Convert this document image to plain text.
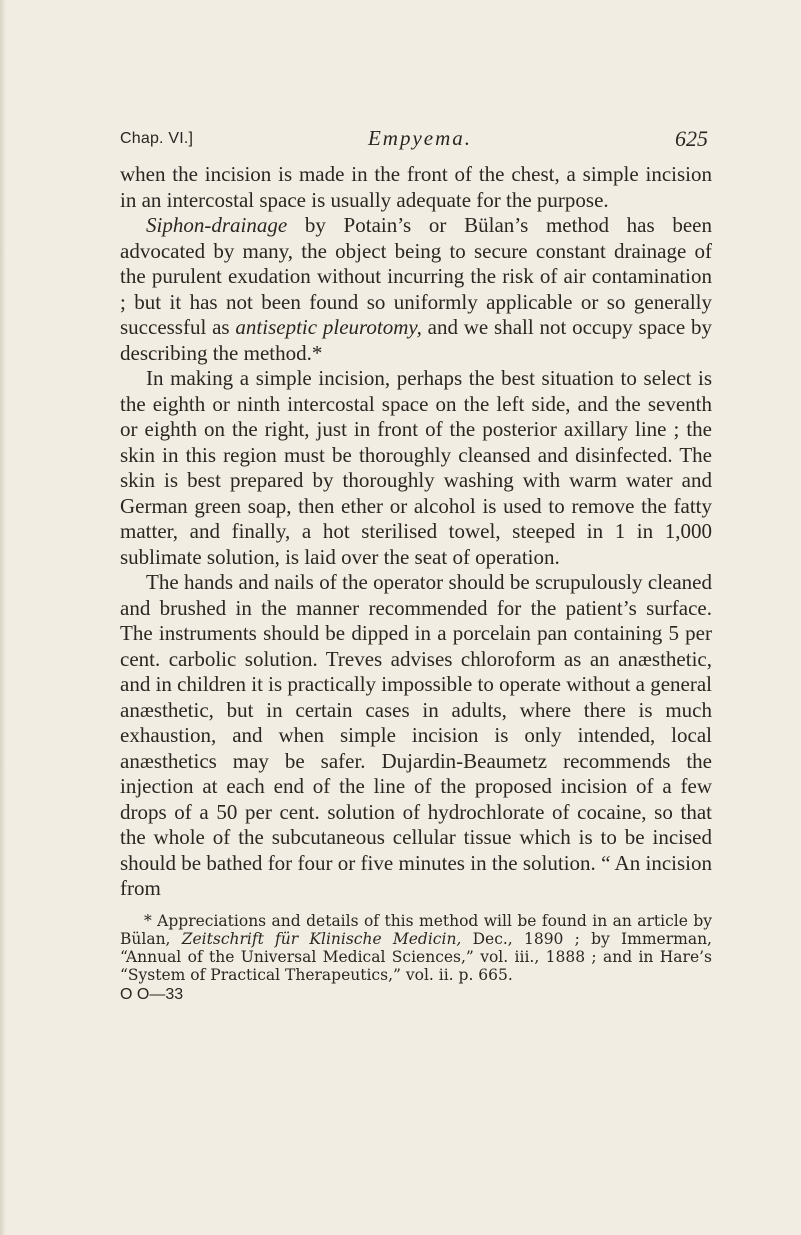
Chap. VI.]	Empyema.	625

when the incision is made in the front of the chest, a simple incision in an intercostal space is usually adequate for the purpose.

Siphon-drainage by Potain’s or Bülan’s method has been advocated by many, the object being to secure constant drainage of the purulent exudation without incurring the risk of air contamination ; but it has not been found so uniformly applicable or so generally successful as antiseptic pleurotomy, and we shall not occupy space by describing the method.*

In making a simple incision, perhaps the best situation to select is the eighth or ninth intercostal space on the left side, and the seventh or eighth on the right, just in front of the posterior axillary line ; the skin in this region must be thoroughly cleansed and disinfected. The skin is best prepared by thoroughly washing with warm water and German green soap, then ether or alcohol is used to remove the fatty matter, and finally, a hot sterilised towel, steeped in 1 in 1,000 sublimate solution, is laid over the seat of operation.

The hands and nails of the operator should be scrupulously cleaned and brushed in the manner recommended for the patient’s surface. The instruments should be dipped in a porcelain pan containing 5 per cent. carbolic solution. Treves advises chloroform as an anæsthetic, and in children it is practically impossible to operate without a general anæsthetic, but in certain cases in adults, where there is much exhaustion, and when simple incision is only intended, local anæsthetics may be safer. Dujardin-Beaumetz recommends the injection at each end of the line of the proposed incision of a few drops of a 50 per cent. solution of hydrochlorate of cocaine, so that the whole of the subcutaneous cellular tissue which is to be incised should be bathed for four or five minutes in the solution. “ An incision from

* Appreciations and details of this method will be found in an article by Bülan, Zeitschrift für Klinische Medicin, Dec., 1890 ; by Immerman, “Annual of the Universal Medical Sciences,” vol. iii., 1888 ; and in Hare’s “System of Practical Therapeutics,” vol. ii. p. 665.
O O—33
